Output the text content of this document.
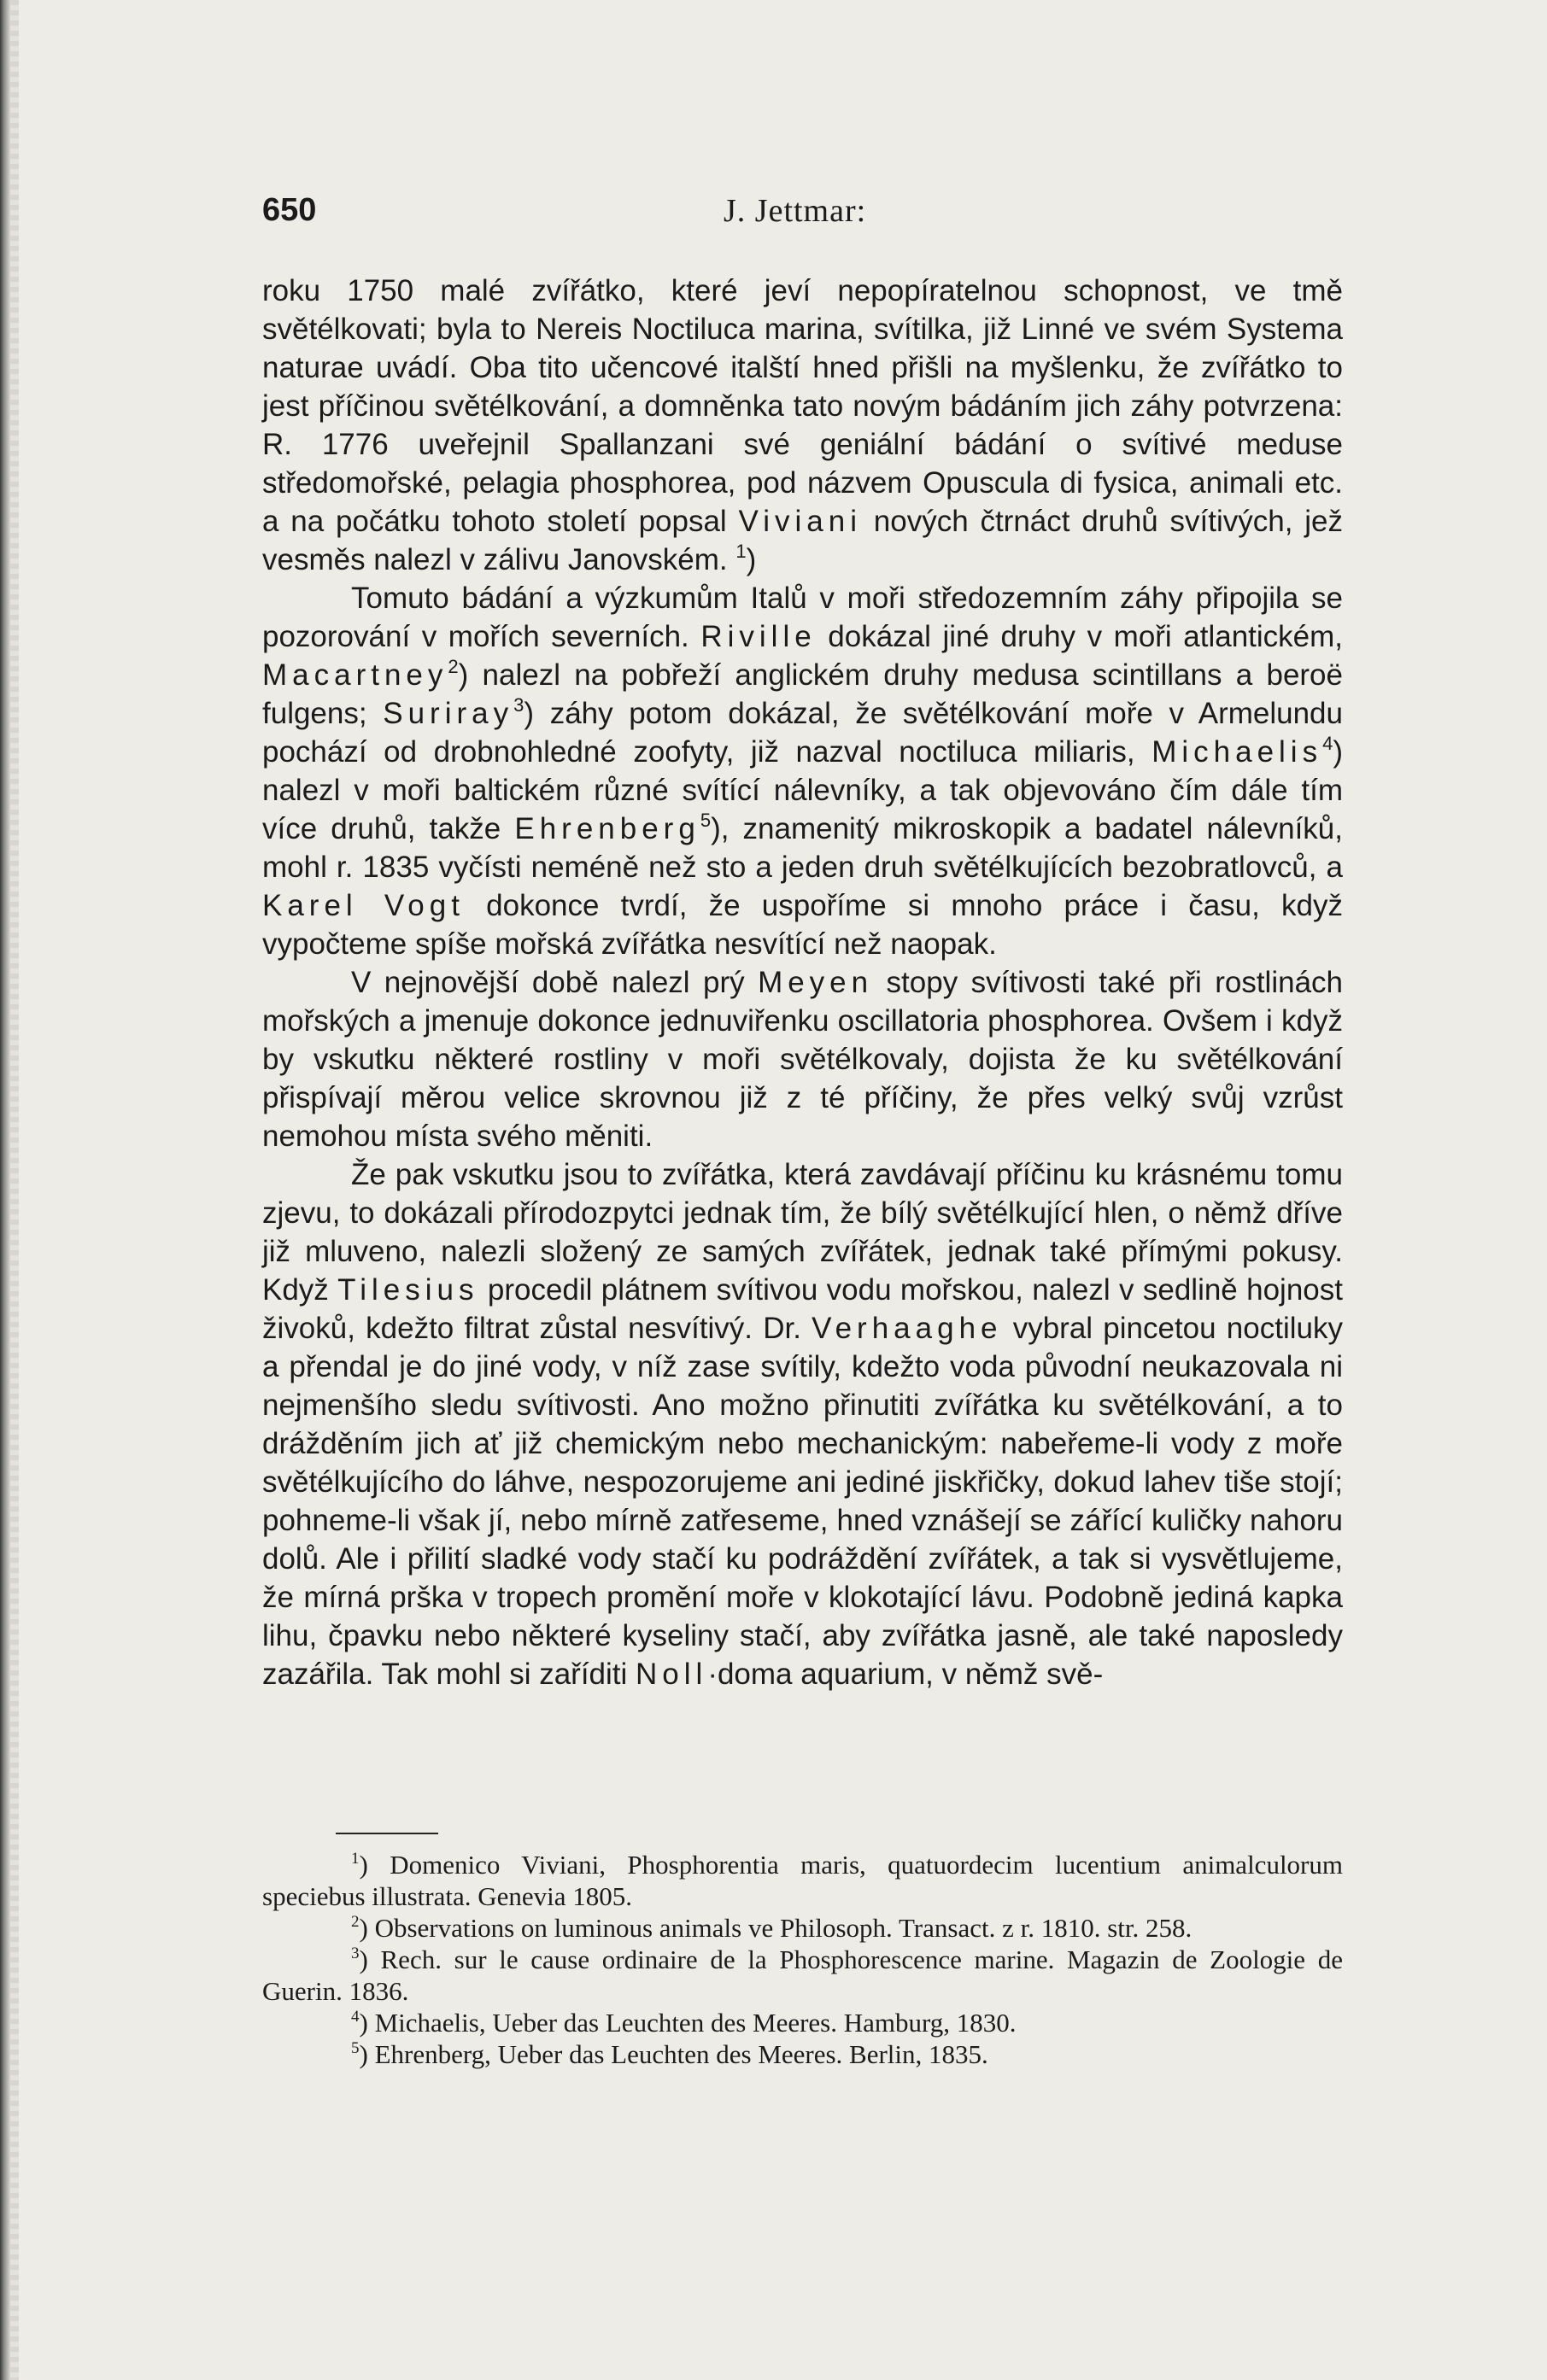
650	J. Jettmar:

roku 1750 malé zvířátko, které jeví nepopíratelnou schopnost, ve tmě světélkovati; byla to Nereis Noctiluca marina, svítilka, již Linné ve svém Systema naturae uvádí. Oba tito učencové italští hned přišli na myšlenku, že zvířátko to jest příčinou světélkování, a domněnka tato novým bádáním jich záhy potvrzena: R. 1776 uveřejnil Spallanzani své geniální bádání o svítivé meduse středomořské, pelagia phosphorea, pod názvem Opuscula di fysica, animali etc. a na počátku tohoto století popsal Viviani nových čtrnáct druhů svítivých, jež vesměs nalezl v zálivu Janovském. $^1$)

Tomuto bádání a výzkumům Italů v moři středozemním záhy připojila se pozorování v mořích severních. Riville dokázal jiné druhy v moři atlantickém, Macartney$^2$) nalezl na pobřeží anglickém druhy medusa scintillans a beroë fulgens; Suriray$^3$) záhy potom dokázal, že světélkování moře v Armelundu pochází od drobnohledné zoofyty, již nazval noctiluca miliaris, Michaelis$^4$) nalezl v moři baltickém různé svítící nálevníky, a tak objevováno čím dále tím více druhů, takže Ehrenberg$^5$), znamenitý mikroskopik a badatel nálevníků, mohl r. 1835 vyčísti neméně než sto a jeden druh světélkujících bezobratlovců, a Karel Vogt dokonce tvrdí, že uspoříme si mnoho práce i času, když vypočteme spíše mořská zvířátka nesvítící než naopak.

V nejnovější době nalezl prý Meyen stopy svítivosti také při rostlinách mořských a jmenuje dokonce jednuviřenku oscillatoria phosphorea. Ovšem i když by vskutku některé rostliny v moři světélkovaly, dojista že ku světélkování přispívají měrou velice skrovnou již z té příčiny, že přes velký svůj vzrůst nemohou místa svého měniti.

Že pak vskutku jsou to zvířátka, která zavdávají příčinu ku krásnému tomu zjevu, to dokázali přírodozpytci jednak tím, že bílý světélkující hlen, o němž dříve již mluveno, nalezli složený ze samých zvířátek, jednak také přímými pokusy. Když Tilesius procedil plátnem svítivou vodu mořskou, nalezl v sedlině hojnost živoků, kdežto filtrat zůstal nesvítivý. Dr. Verhaaghe vybral pincetou noctiluky a přendal je do jiné vody, v níž zase svítily, kdežto voda původní neukazovala ni nejmenšího sledu svítivosti. Ano možno přinutiti zvířátka ku světélkování, a to drážděním jich ať již chemickým nebo mechanickým: nabeřeme-li vody z moře světélkujícího do láhve, nespozorujeme ani jediné jiskřičky, dokud lahev tiše stojí; pohneme-li však jí, nebo mírně zatřeseme, hned vznášejí se zářící kuličky nahoru dolů. Ale i přilití sladké vody stačí ku podráždění zvířátek, a tak si vysvětlujeme, že mírná prška v tropech promění moře v klokotající lávu. Podobně jediná kapka lihu, čpavku nebo některé kyseliny stačí, aby zvířátka jasně, ale také naposledy zazářila. Tak mohl si zaříditi Noll·doma aquarium, v němž svě-

$^1$) Domenico Viviani, Phosphorentia maris, quatuordecim lucentium animalculorum speciebus illustrata. Genevia 1805.

$^2$) Observations on luminous animals ve Philosoph. Transact. z r. 1810. str. 258.

$^3$) Rech. sur le cause ordinaire de la Phosphorescence marine. Magazin de Zoologie de Guerin. 1836.

$^4$) Michaelis, Ueber das Leuchten des Meeres. Hamburg, 1830.

$^5$) Ehrenberg, Ueber das Leuchten des Meeres. Berlin, 1835.
